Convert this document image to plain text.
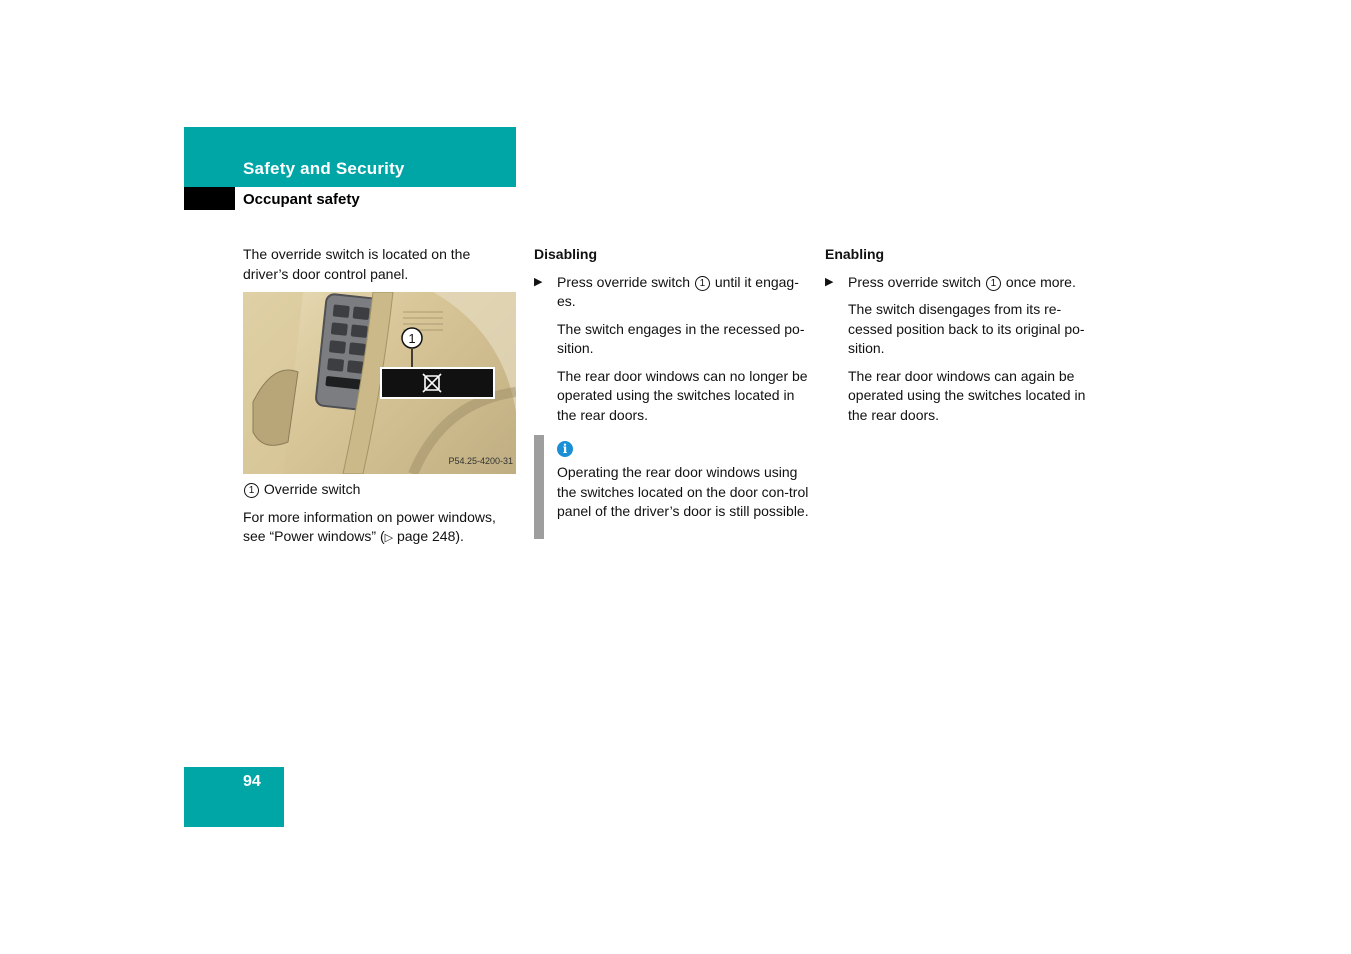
Safety and Security
Occupant safety

The override switch is located on the driver’s door control panel.

1
P54.25-4200-31

1 Override switch

For more information on power windows, see “Power windows” (▷ page 248).

Disabling

▶ Press override switch 1 until it engag-es.

The switch engages in the recessed po-sition.

The rear door windows can no longer be operated using the switches located in the rear doors.

i

Operating the rear door windows using the switches located on the door con-trol panel of the driver’s door is still possible.

Enabling

▶ Press override switch 1 once more.

The switch disengages from its re-cessed position back to its original po-sition.

The rear door windows can again be operated using the switches located in the rear doors.

94
